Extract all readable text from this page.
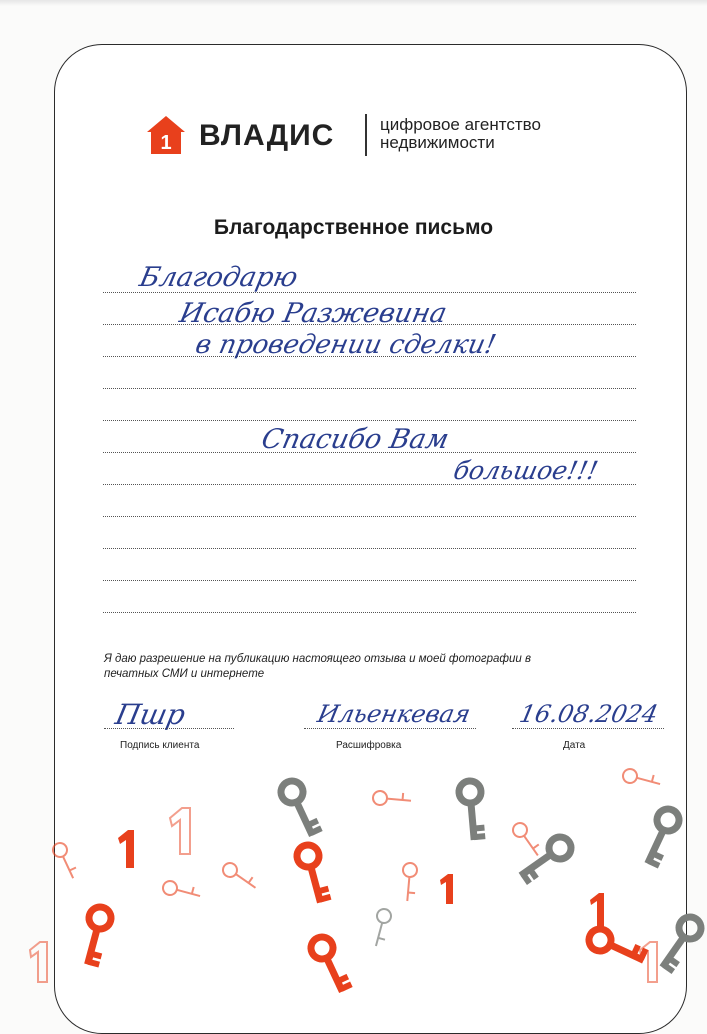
1 ВЛАДИС	цифровое агентство
недвижимости
Благодарственное письмо
Благодарю
Исабю Разжевина
в проведении сделки!
Спасибо Вам
большое!!!
Я даю разрешение на публикацию настоящего отзыва и моей фотографии в печатных СМИ и интернете
Пшр	Ильенкевая 16.08.2024
Подпись клиента	Расшифровка	Дата
